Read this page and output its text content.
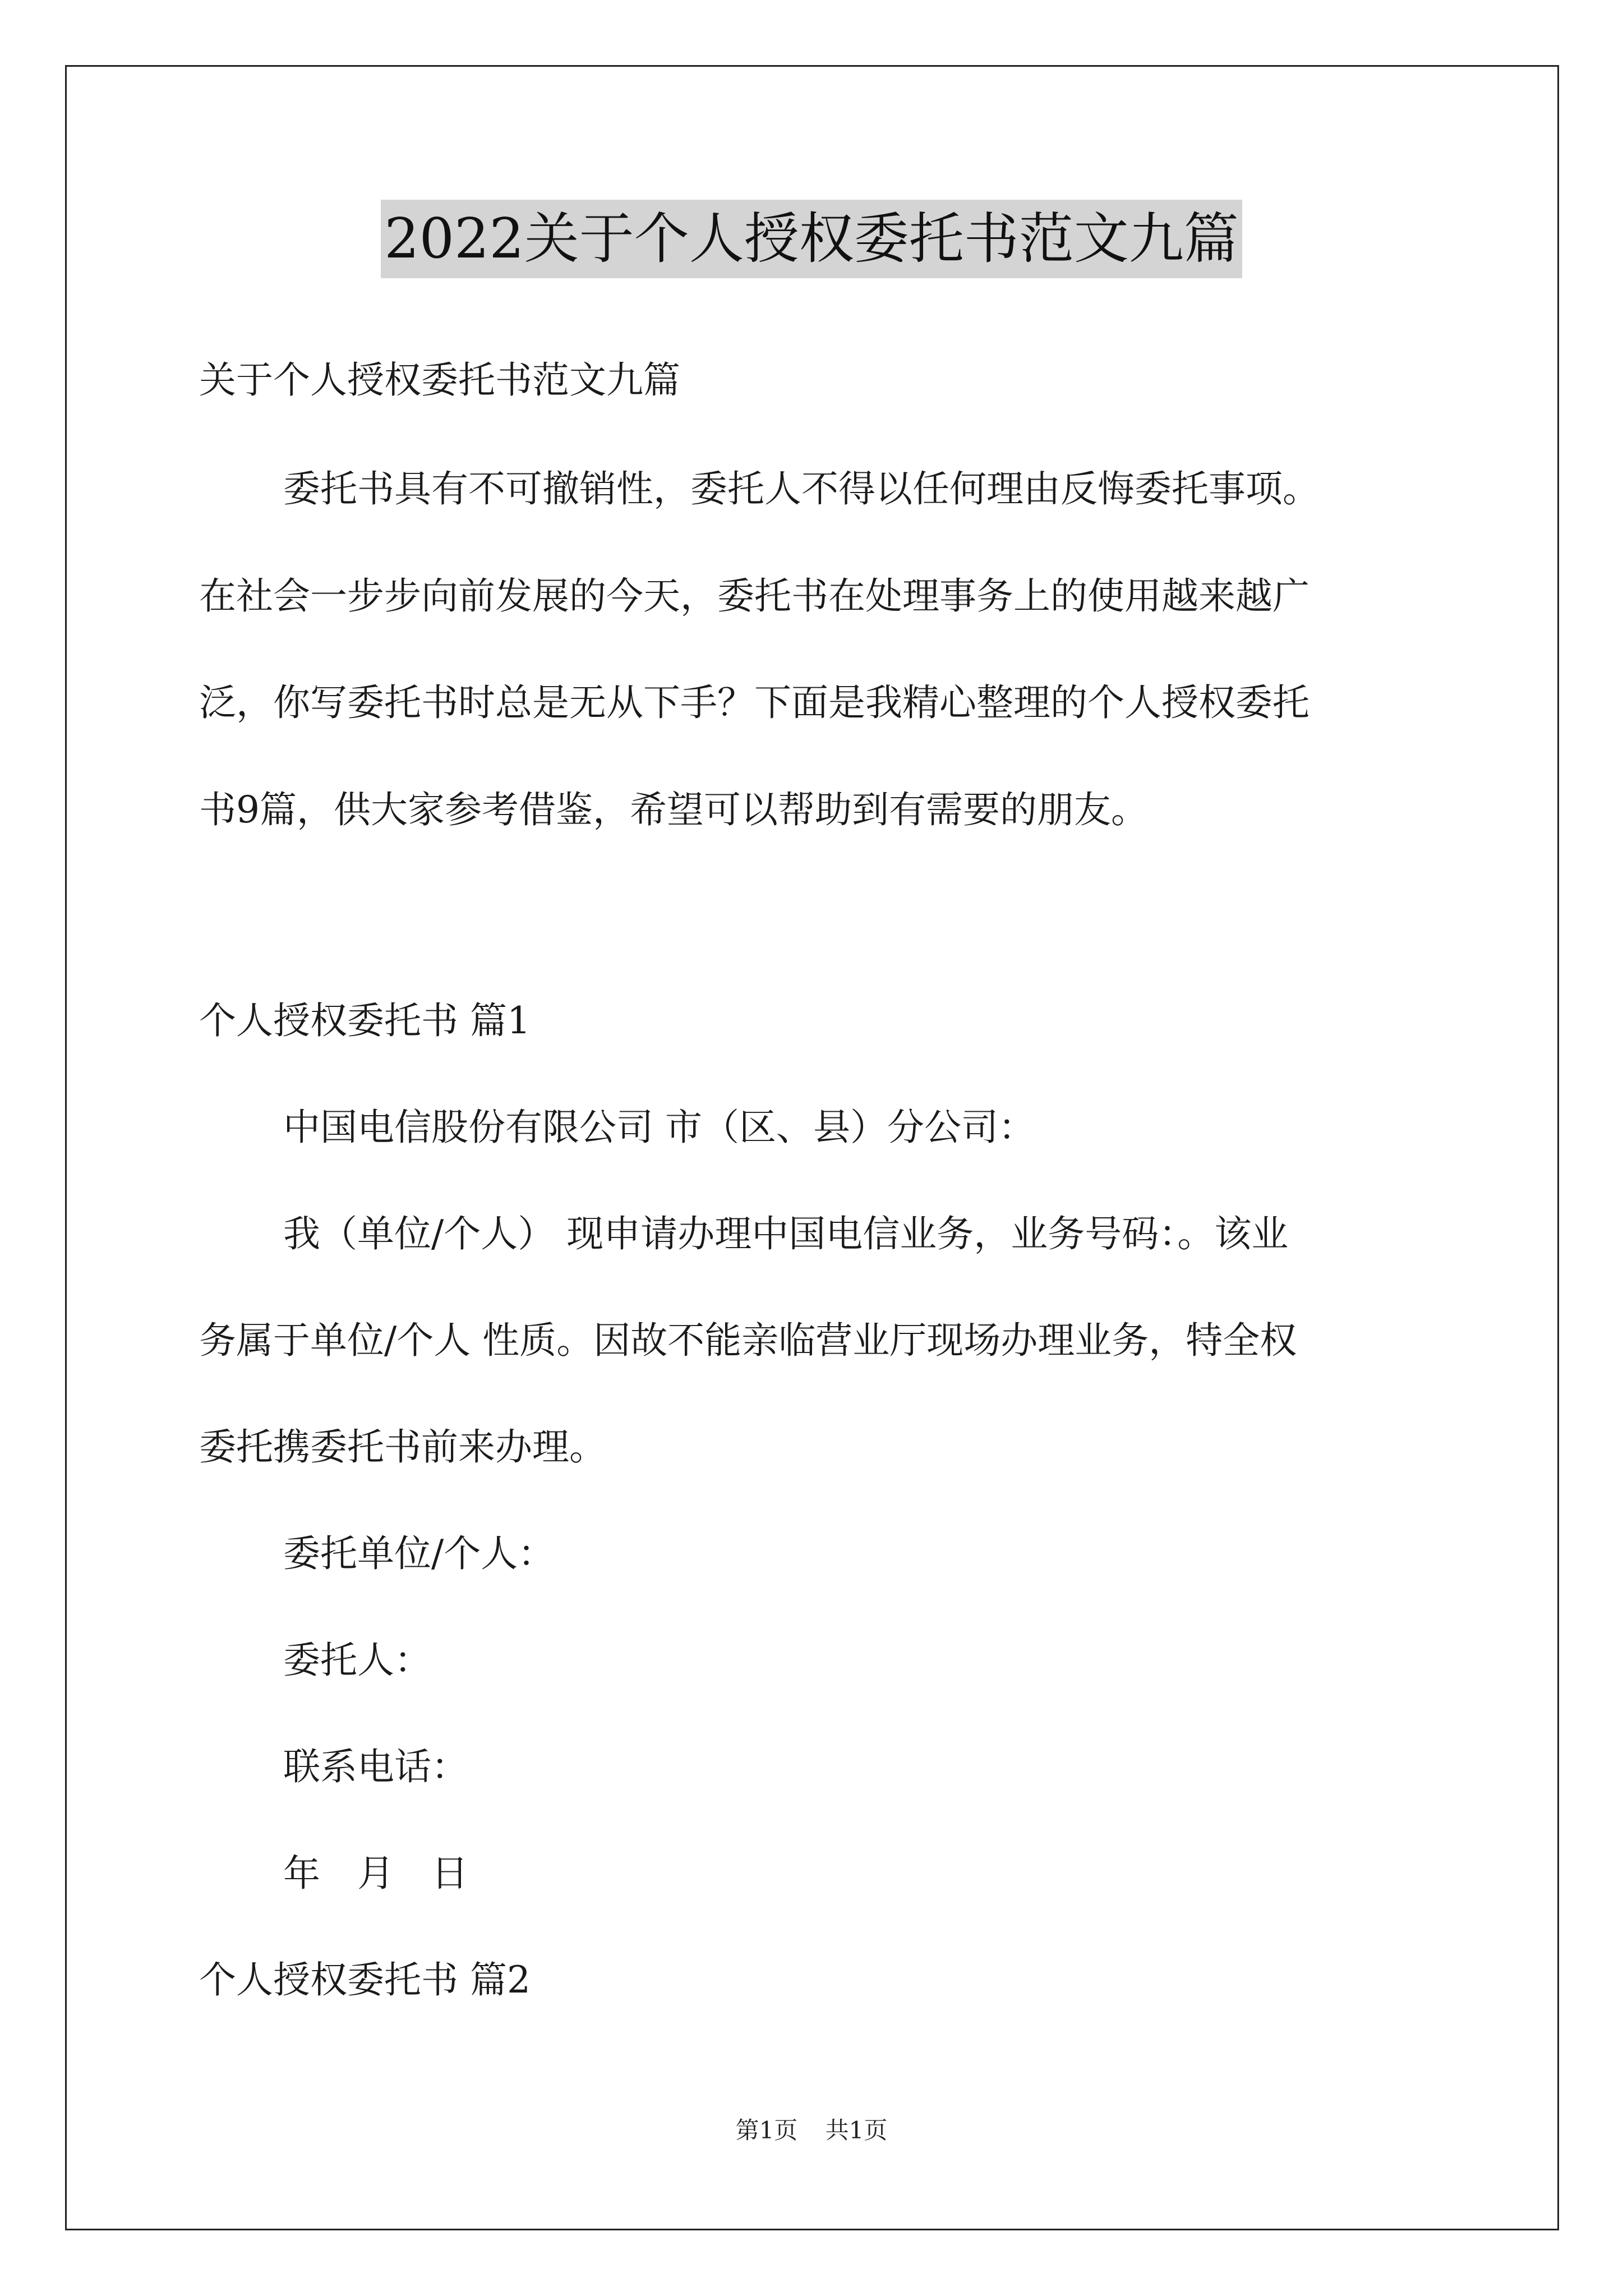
2022关于个人授权委托书范文九篇
关于个人授权委托书范文九篇
委托书具有不可撤销性，委托人不得以任何理由反悔委托事项。
在社会一步步向前发展的今天，委托书在处理事务上的使用越来越广
泛，你写委托书时总是无从下手？下面是我精心整理的个人授权委托
书9篇，供大家参考借鉴，希望可以帮助到有需要的朋友。
个人授权委托书 篇1
中国电信股份有限公司 市（区、县）分公司：
我（单位/个人） 现申请办理中国电信业务，业务号码：。该业
务属于单位/个人 性质。因故不能亲临营业厅现场办理业务，特全权
委托携委托书前来办理。
委托单位/个人：
委托人：
联系电话：
年　月　日
个人授权委托书 篇2
第1页 共1页
